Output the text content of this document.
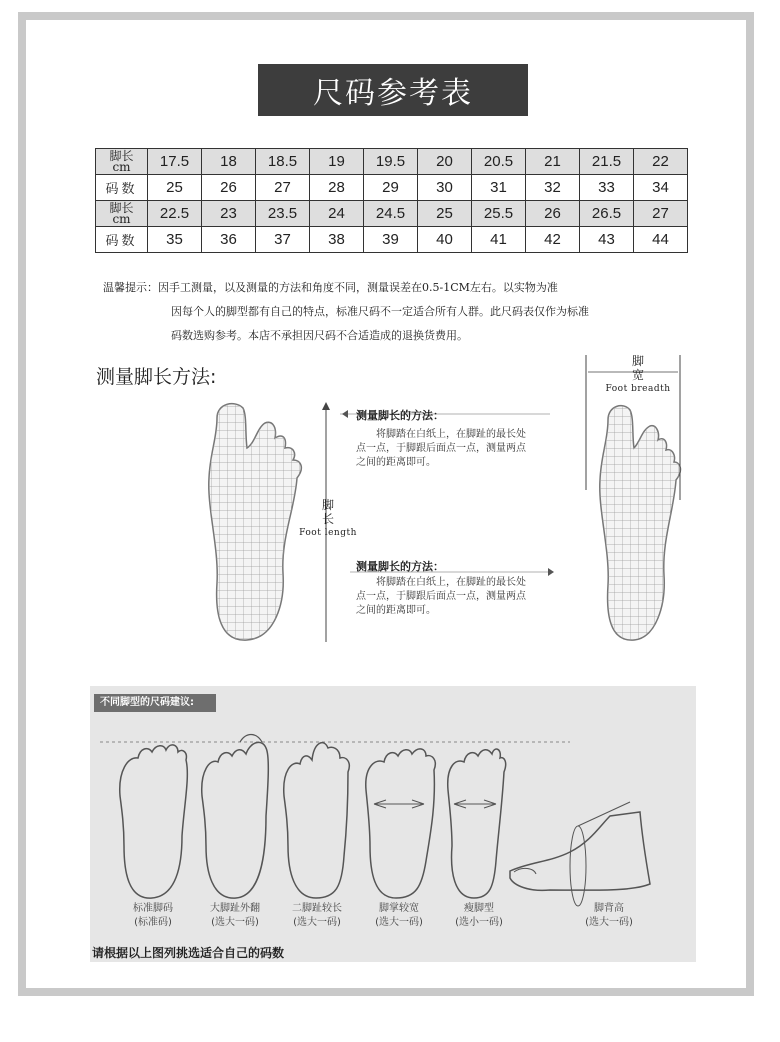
尺码参考表
脚长
cm	17.5	18	18.5	19	19.5	20	20.5	21	21.5	22
码数	25	26	27	28	29	30	31	32	33	34
脚长
cm	22.5	23	23.5	24	24.5	25	25.5	26	26.5	27
码数	35	36	37	38	39	40	41	42	43	44
温馨提示：因手工测量，以及测量的方法和角度不同，测量误差在0.5-1CM左右。以实物为准
因每个人的脚型都有自己的特点，标准尺码不一定适合所有人群。此尺码表仅作为标准
码数选购参考。本店不承担因尺码不合适造成的退换货费用。
测量脚长方法:
脚
长
Foot length
脚
宽
Foot breadth
测量脚长的方法：
将脚踏在白纸上，在脚趾的最长处
点一点，于脚跟后面点一点，测量两点
之间的距离即可。
测量脚长的方法：
将脚踏在白纸上，在脚趾的最长处
点一点，于脚跟后面点一点，测量两点
之间的距离即可。
不同脚型的尺码建议:
标准脚码
(标准码)
大脚趾外翻
(选大一码)
二脚趾较长
(选大一码)
脚掌较宽
(选大一码)
瘦脚型
(选小一码)
脚背高
(选大一码)
请根据以上图列挑选适合自己的码数
